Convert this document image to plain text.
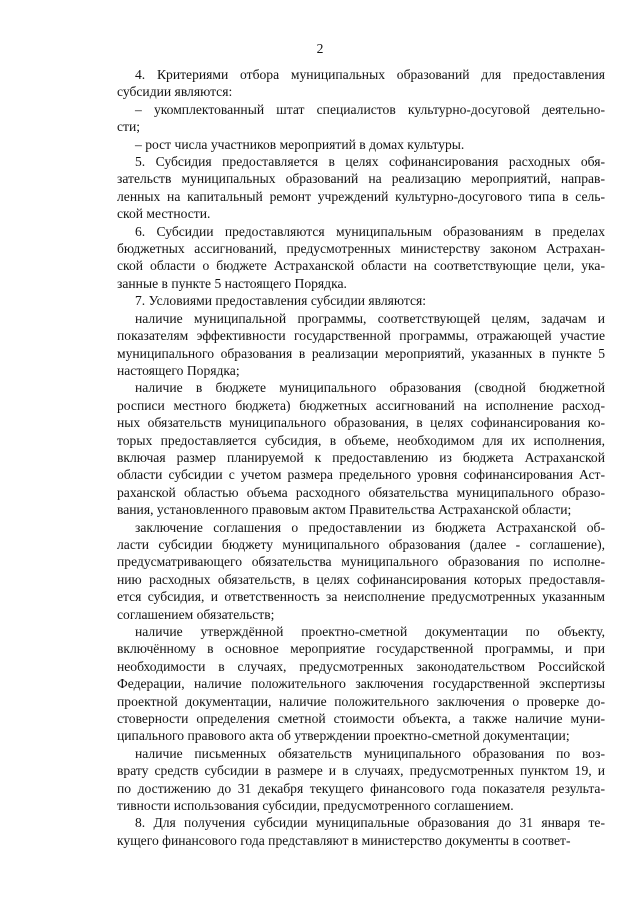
2
4. Критериями отбора муниципальных образований для предоставления
субсидии являются:
– укомплектованный штат специалистов культурно-досуговой деятельно-
сти;
– рост числа участников мероприятий в домах культуры.
5. Субсидия предоставляется в целях софинансирования расходных обя-
зательств муниципальных образований на реализацию мероприятий, направ-
ленных на капитальный ремонт учреждений культурно-досугового типа в сель-
ской местности.
6. Субсидии предоставляются муниципальным образованиям в пределах
бюджетных ассигнований, предусмотренных министерству законом Астрахан-
ской области о бюджете Астраханской области на соответствующие цели, ука-
занные в пункте 5 настоящего Порядка.
7. Условиями предоставления субсидии являются:
наличие муниципальной программы, соответствующей целям, задачам и
показателям эффективности государственной программы, отражающей участие
муниципального образования в реализации мероприятий, указанных в пункте 5
настоящего Порядка;
наличие в бюджете муниципального образования (сводной бюджетной
росписи местного бюджета) бюджетных ассигнований на исполнение расход-
ных обязательств муниципального образования, в целях софинансирования ко-
торых предоставляется субсидия, в объеме, необходимом для их исполнения,
включая размер планируемой к предоставлению из бюджета Астраханской
области субсидии с учетом размера предельного уровня софинансирования Аст-
раханской областью объема расходного обязательства муниципального образо-
вания, установленного правовым актом Правительства Астраханской области;
заключение соглашения о предоставлении из бюджета Астраханской об-
ласти субсидии бюджету муниципального образования (далее - соглашение),
предусматривающего обязательства муниципального образования по исполне-
нию расходных обязательств, в целях софинансирования которых предоставля-
ется субсидия, и ответственность за неисполнение предусмотренных указанным
соглашением обязательств;
наличие утверждённой проектно-сметной документации по объекту,
включённому в основное мероприятие государственной программы, и при
необходимости в случаях, предусмотренных законодательством Российской
Федерации, наличие положительного заключения государственной экспертизы
проектной документации, наличие положительного заключения о проверке до-
стоверности определения сметной стоимости объекта, а также наличие муни-
ципального правового акта об утверждении проектно-сметной документации;
наличие письменных обязательств муниципального образования по воз-
врату средств субсидии в размере и в случаях, предусмотренных пунктом 19, и
по достижению до 31 декабря текущего финансового года показателя результа-
тивности использования субсидии, предусмотренного соглашением.
8. Для получения субсидии муниципальные образования до 31 января те-
кущего финансового года представляют в министерство документы в соответ-
